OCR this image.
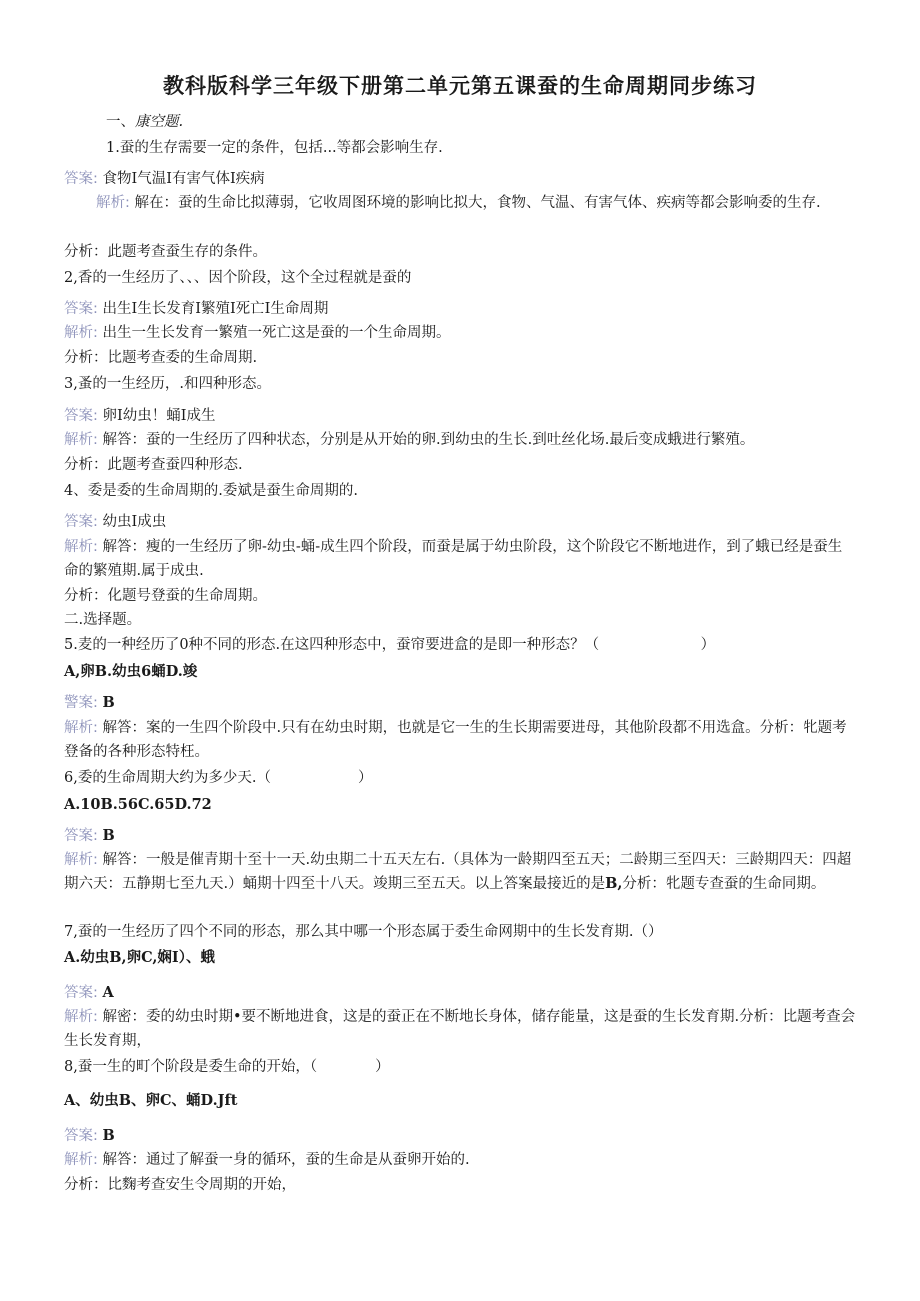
教科版科学三年级下册第二单元第五课蚕的生命周期同步练习
一、康空题.
1.蚕的生存需要一定的条件，包括...等都会影响生存.
答案: 食物I气温I有害气体I疾病
解析: 解在：蚕的生命比拟薄弱，它收周图环境的影响比拟大，食物、气温、有害气体、疾病等都会影响委的生存.
分析：此题考查蚕生存的条件。
2,香的一生经历了、、、因个阶段，这个全过程就是蚕的
答案: 出生I生长发育I繁殖I死亡I生命周期
解析: 出生一生长发育一繁殖一死亡这是蚕的一个生命周期。
分析：比题考查委的生命周期.
3,蚤的一生经历，.和四种形态。
答案: 卵I幼虫！蛹I成生
解析: 解答：蚕的一生经历了四种状态，分别是从开始的卵.到幼虫的生长.到吐丝化场.最后变成蛾进行繁殖。
分析：此题考查蚕四种形态.
4、委是委的生命周期的.委斌是蚕生命周期的.
答案: 幼虫I成虫
解析: 解答：瘦的一生经历了卵-幼虫-蛹-成生四个阶段，而蚕是属于幼虫阶段，这个阶段它不断地进作，到了蛾已经是蚕生命的繁殖期.属于成虫.
分析：化题号登蚕的生命周期。
二.选择题。
5.麦的一种经历了0种不同的形态.在这四种形态中，蚕帘要进盒的是即一种形态？（　　　　　　　）
A,卵B.幼虫6蛹D.竣
警案: B
解析: 解答：案的一生四个阶段中.只有在幼虫时期，也就是它一生的生长期需要进母，其他阶段都不用选盒。分析：牝题考登备的各种形态特枉。
6,委的生命周期大约为多少天.（　　　　　　）
A.10B.56C.65D.72
答案: B
解析: 解答：一般是催青期十至十一天.幼虫期二十五天左右.（具体为一龄期四至五天；二龄期三至四天：三龄期四天：四超期六天：五静期七至九天.）蛹期十四至十八天。竣期三至五天。以上答案最接近的是B,分析：牝题专查蚕的生命同期。
7,蚕的一生经历了四个不同的形态，那么其中哪一个形态属于委生命网期中的生长发育期.（）
A.幼虫B,卵C,娴I）、蛾
答案: A
解析: 解密：委的幼虫时期•要不断地进食，这是的蚕正在不断地长身体，储存能量，这是蚕的生长发育期.分析：比题考查会生长发育期，
8,蚕一生的町个阶段是委生命的开始，（　　　　）
A、幼虫B、卵C、蛹D.Jft
答案: B
解析: 解答：通过了解蚕一身的循环，蚕的生命是从蚕卵开始的.
分析：比麴考查安生令周期的开始，
